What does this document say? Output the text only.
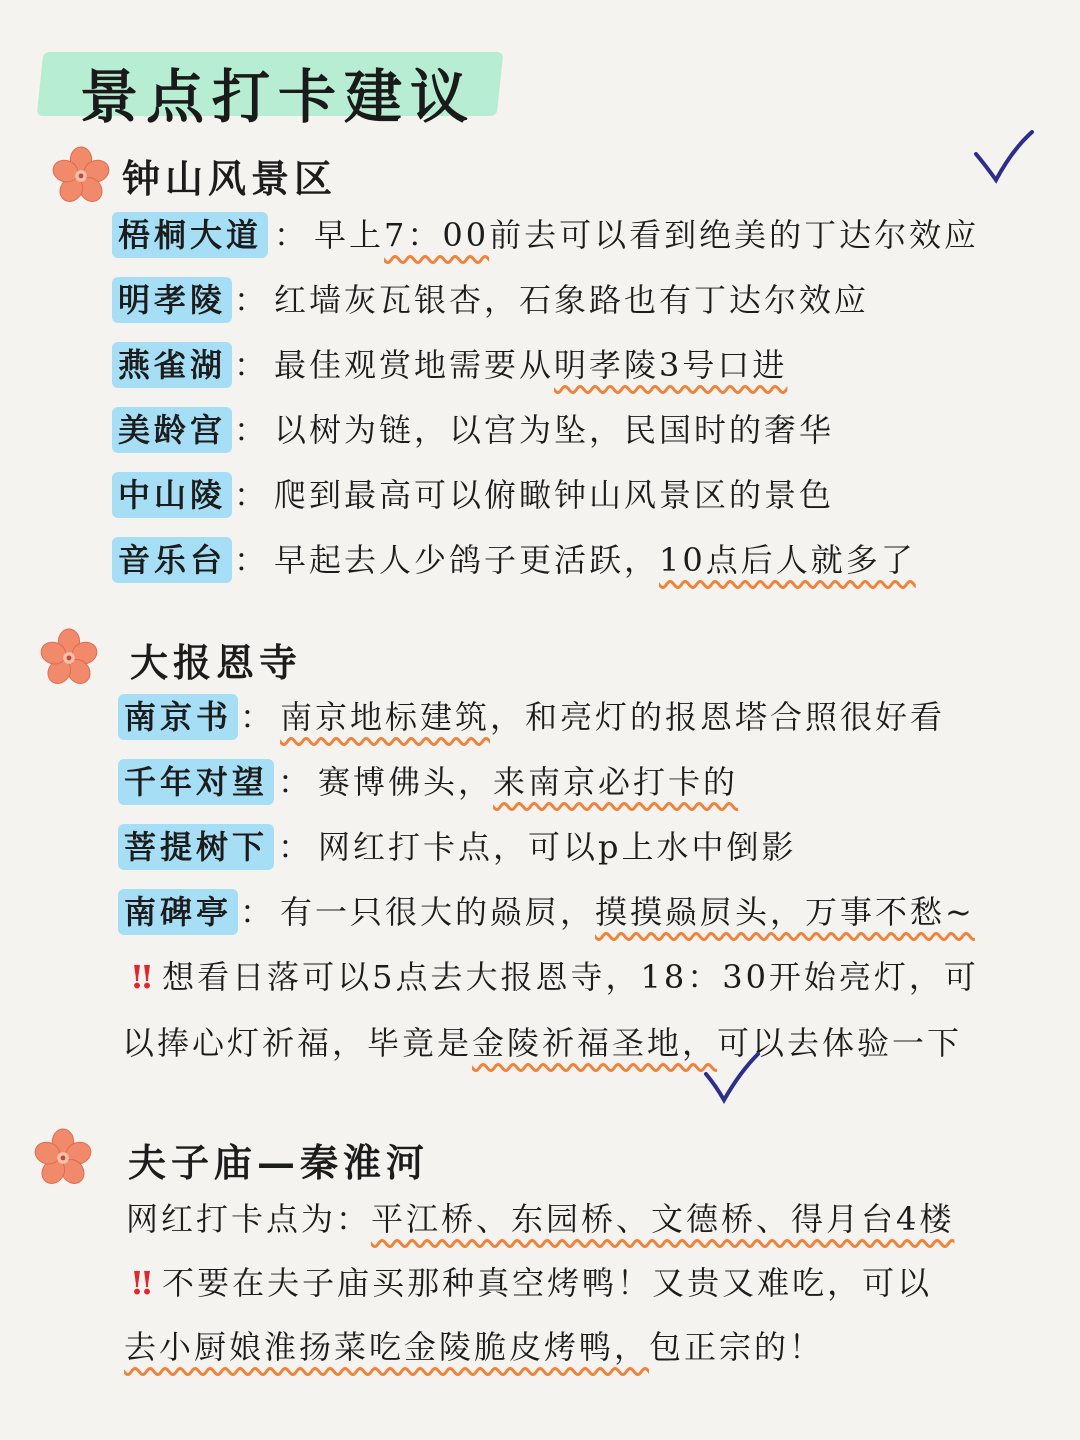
景点打卡建议
钟山风景区
梧桐大道 ： 早上7：00前去可以看到绝美的丁达尔效应
明孝陵 ： 红墙灰瓦银杏，石象路也有丁达尔效应
燕雀湖 ： 最佳观赏地需要从明孝陵3号口进
美龄宫 ： 以树为链，以宫为坠，民国时的奢华
中山陵 ： 爬到最高可以俯瞰钟山风景区的景色
音乐台 ： 早起去人少鸽子更活跃，10点后人就多了
大报恩寺
南京书 ： 南京地标建筑，和亮灯的报恩塔合照很好看
千年对望 ： 赛博佛头，来南京必打卡的
菩提树下 ： 网红打卡点，可以p上水中倒影
南碑亭 ： 有一只很大的赑屃，摸摸赑屃头，万事不愁~
‼ 想看日落可以5点去大报恩寺，18：30开始亮灯，可
以捧心灯祈福，毕竟是金陵祈福圣地，可以去体验一下
夫子庙—秦淮河
网红打卡点为：平江桥、东园桥、文德桥、得月台4楼
‼ 不要在夫子庙买那种真空烤鸭！又贵又难吃，可以
去小厨娘淮扬菜吃金陵脆皮烤鸭，包正宗的！
